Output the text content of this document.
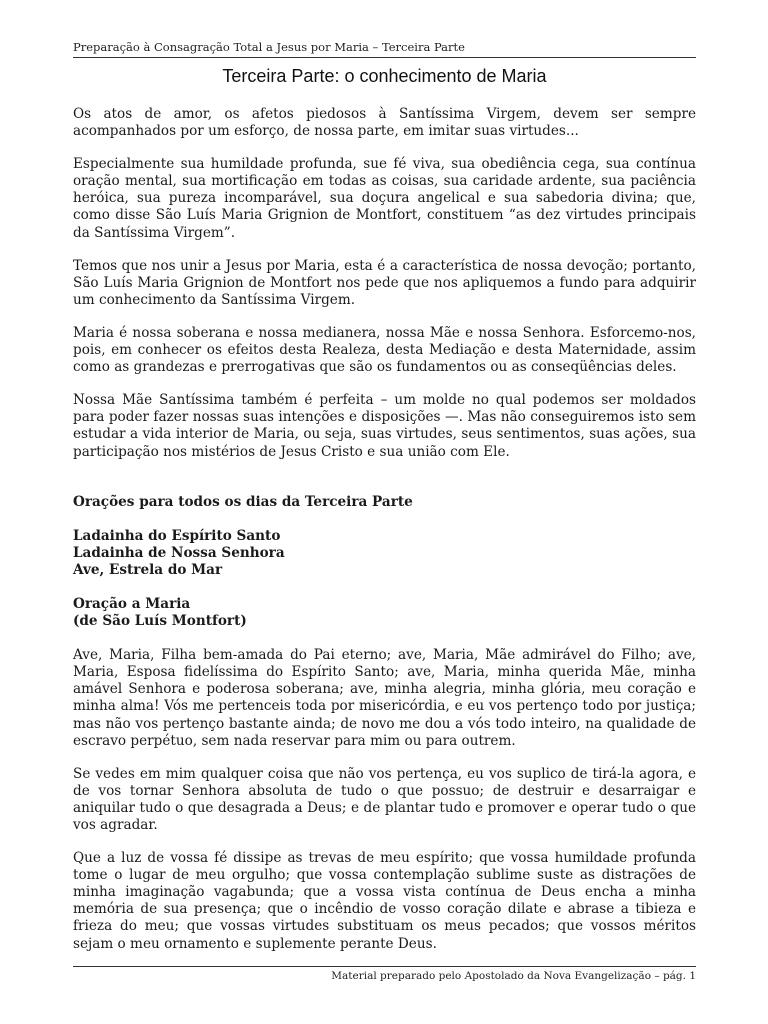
Preparação à Consagração Total a Jesus por Maria – Terceira Parte
Terceira Parte: o conhecimento de Maria

Os atos de amor, os afetos piedosos à Santíssima Virgem, devem ser sempre acompanhados por um esforço, de nossa parte, em imitar suas virtudes...

Especialmente sua humildade profunda, sue fé viva, sua obediência cega, sua contínua oração mental, sua mortificação em todas as coisas, sua caridade ardente, sua paciência heróica, sua pureza incomparável, sua doçura angelical e sua sabedoria divina; que, como disse São Luís Maria Grignion de Montfort, constituem “as dez virtudes principais da Santíssima Virgem”.

Temos que nos unir a Jesus por Maria, esta é a característica de nossa devoção; portanto, São Luís Maria Grignion de Montfort nos pede que nos apliquemos a fundo para adquirir um conhecimento da Santíssima Virgem.

Maria é nossa soberana e nossa medianera, nossa Mãe e nossa Senhora. Esforcemo-nos, pois, em conhecer os efeitos desta Realeza, desta Mediação e desta Maternidade, assim como as grandezas e prerrogativas que são os fundamentos ou as conseqüências deles.

Nossa Mãe Santíssima também é perfeita – um molde no qual podemos ser moldados para poder fazer nossas suas intenções e disposições —. Mas não conseguiremos isto sem estudar a vida interior de Maria, ou seja, suas virtudes, seus sentimentos, suas ações, sua participação nos mistérios de Jesus Cristo e sua união com Ele.

Orações para todos os dias da Terceira Parte

Ladainha do Espírito Santo

Ladainha de Nossa Senhora

Ave, Estrela do Mar

Oração a Maria

(de São Luís Montfort)

Ave, Maria, Filha bem-amada do Pai eterno; ave, Maria, Mãe admirável do Filho; ave, Maria, Esposa fidelíssima do Espírito Santo; ave, Maria, minha querida Mãe, minha amável Senhora e poderosa soberana; ave, minha alegria, minha glória, meu coração e minha alma! Vós me pertenceis toda por misericórdia, e eu vos pertenço todo por justiça; mas não vos pertenço bastante ainda; de novo me dou a vós todo inteiro, na qualidade de escravo perpétuo, sem nada reservar para mim ou para outrem.

Se vedes em mim qualquer coisa que não vos pertença, eu vos suplico de tirá-la agora, e de vos tornar Senhora absoluta de tudo o que possuo; de destruir e desarraigar e aniquilar tudo o que desagrada a Deus; e de plantar tudo e promover e operar tudo o que vos agradar.

Que a luz de vossa fé dissipe as trevas de meu espírito; que vossa humildade profunda tome o lugar de meu orgulho; que vossa contemplação sublime suste as distrações de minha imaginação vagabunda; que a vossa vista contínua de Deus encha a minha memória de sua presença; que o incêndio de vosso coração dilate e abrase a tibieza e frieza do meu; que vossas virtudes substituam os meus pecados; que vossos méritos sejam o meu ornamento e suplemente perante Deus.

Material preparado pelo Apostolado da Nova Evangelização – pág. 1
